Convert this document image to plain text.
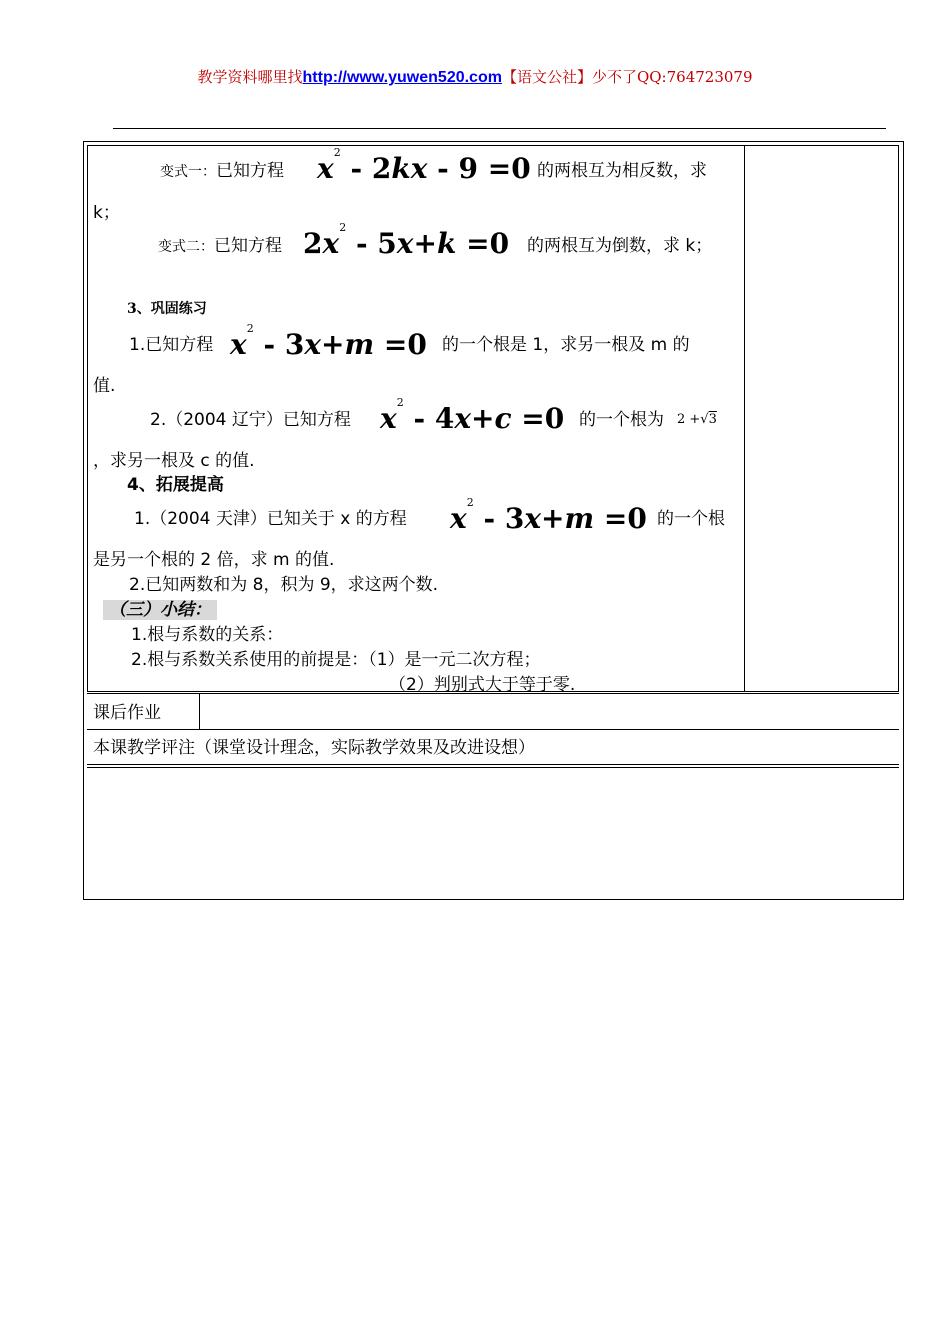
教学资料哪里找http://www.yuwen520.com【语文公社】少不了QQ:764723079
变式一：已知方程 $x^2 - 2kx - 9 =0$ 的两根互为相反数，求
k；
变式二：已知方程 $2x^2 - 5x+k =0$ 的两根互为倒数，求 k；
3、巩固练习
1.已知方程 $x^2 - 3x+m =0$ 的一个根是 1，求另一根及 m 的
值.
2.（2004 辽宁）已知方程 $x^2 - 4x+c =0$ 的一个根为 2 +√3
，求另一根及 c 的值.
4、拓展提高
1.（2004 天津）已知关于 x 的方程 $x^2 - 3x+m =0$ 的一个根
是另一个根的 2 倍，求 m 的值.
2.已知两数和为 8，积为 9，求这两个数.
（三）小结：
1.根与系数的关系：
2.根与系数关系使用的前提是：（1）是一元二次方程；
（2）判别式大于等于零.
课后作业
本课教学评注（课堂设计理念，实际教学效果及改进设想）
